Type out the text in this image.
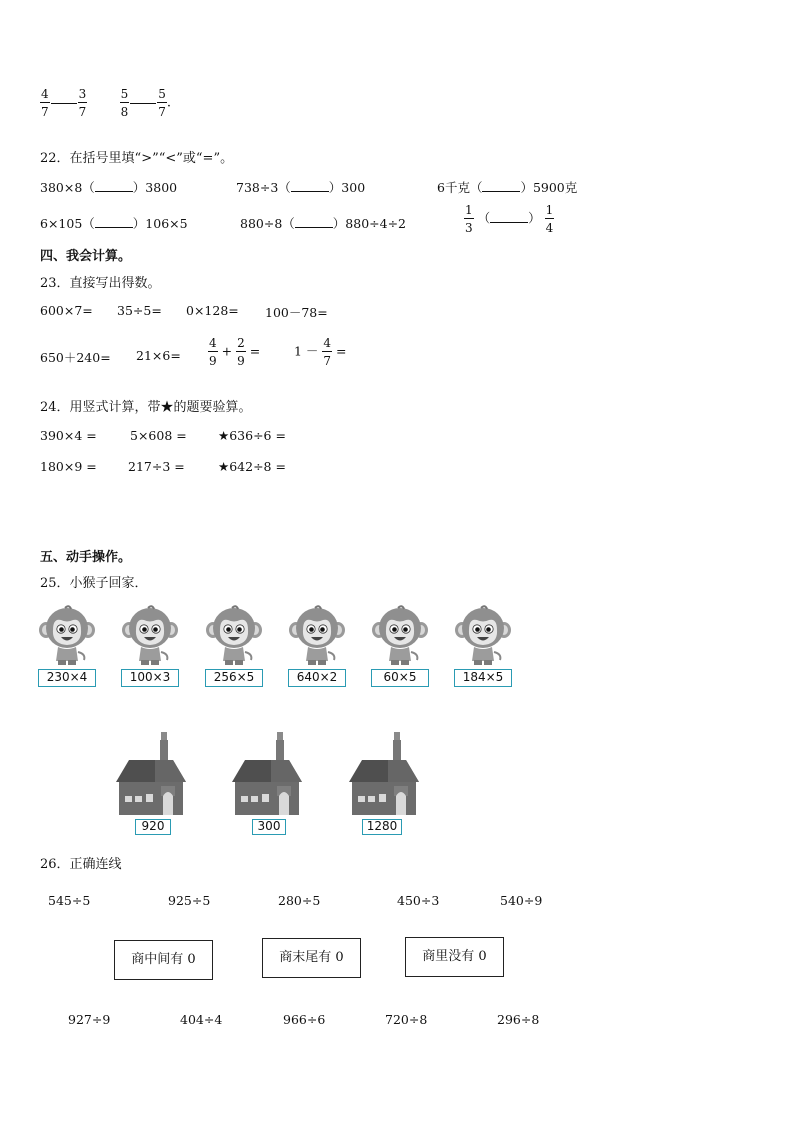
$\frac{4}{7} \frac{3}{7}$
	$\frac{5}{8} \frac{5}{7}$ .
22．在括号里填“>”“<”或“=”。
380×8（	）3800	738÷3（	）300	6千克（	）5900克
6×105（	）106×5	880÷8（	）880÷4÷2	$\frac{1}{3}$ （	） $\frac{1}{4}$
四、我会计算。
23．直接写出得数。
600×7= 35÷5= 0×128= 100－78=
$650+240= 21\times 6= \frac{4}{9} + \frac{2}{9}$ =	$1 - \frac{4}{7}$ =
24．用竖式计算，带★的题要验算。
390×4 =	5×608 =	★636÷6 =
180×9 =	217÷3 =	★642÷8 =
五、动手操作。
25．小猴子回家．
230×4	100×3	256×5	640×2	60×5	184×5
920	300	1280
26．正确连线
545÷5	925÷5	280÷5	450÷3	540÷9
商中间有 0	商末尾有 0	商里没有 0
927÷9	404÷4	966÷6	720÷8	296÷8
